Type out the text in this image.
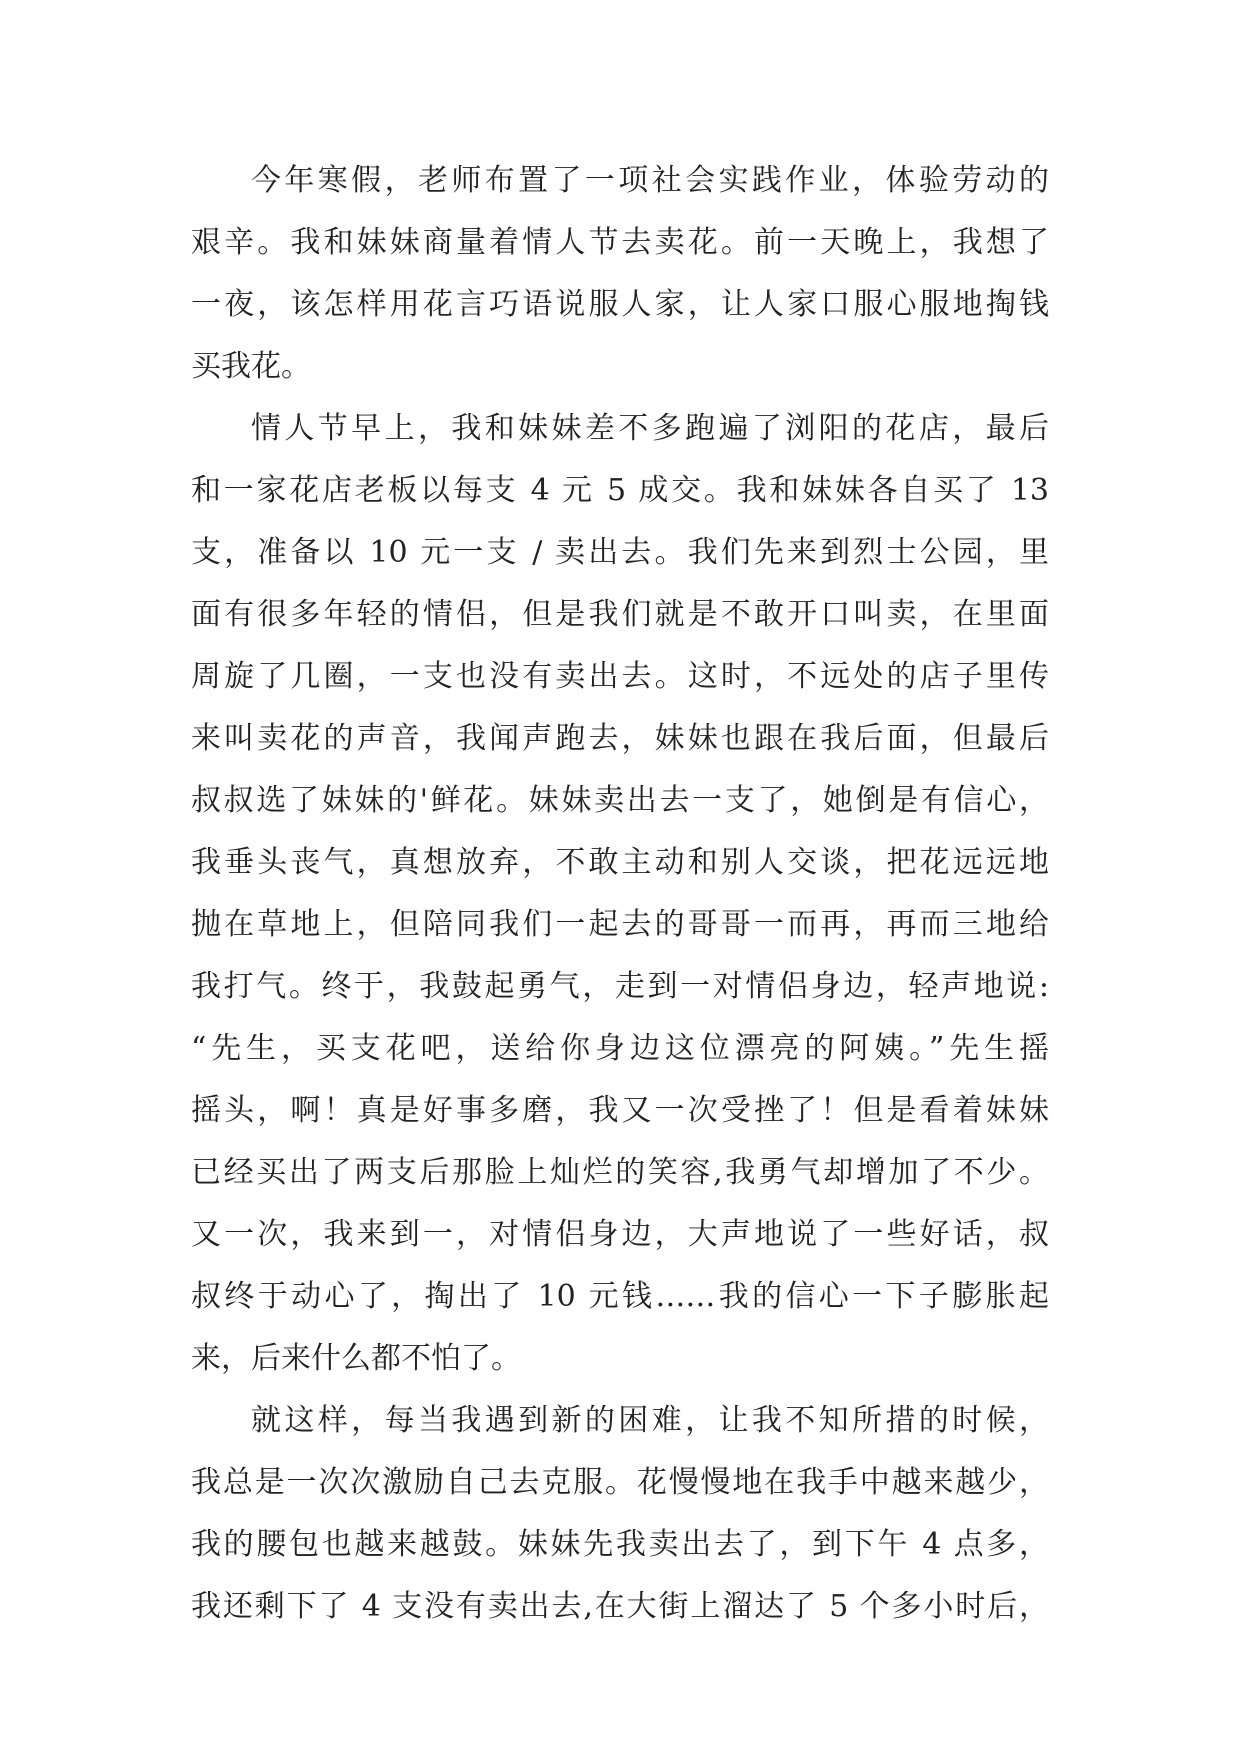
今年寒假，老师布置了一项社会实践作业，体验劳动的
艰辛。我和妹妹商量着情人节去卖花。前一天晚上，我想了
一夜，该怎样用花言巧语说服人家，让人家口服心服地掏钱
买我花。
情人节早上，我和妹妹差不多跑遍了浏阳的花店，最后
和一家花店老板以每支 4 元 5 成交。我和妹妹各自买了 13
支，准备以 10 元一支 / 卖出去。我们先来到烈士公园，里
面有很多年轻的情侣，但是我们就是不敢开口叫卖，在里面
周旋了几圈，一支也没有卖出去。这时，不远处的店子里传
来叫卖花的声音，我闻声跑去，妹妹也跟在我后面，但最后
叔叔选了妹妹的'鲜花。妹妹卖出去一支了，她倒是有信心，
我垂头丧气，真想放弃，不敢主动和别人交谈，把花远远地
抛在草地上，但陪同我们一起去的哥哥一而再，再而三地给
我打气。终于，我鼓起勇气，走到一对情侣身边，轻声地说:
“先生，买支花吧，送给你身边这位漂亮的阿姨。”先生摇
摇头，啊！真是好事多磨，我又一次受挫了！但是看着妹妹
已经买出了两支后那脸上灿烂的笑容,我勇气却增加了不少。
又一次，我来到一，对情侣身边，大声地说了一些好话，叔
叔终于动心了，掏出了 10 元钱……我的信心一下子膨胀起
来，后来什么都不怕了。
就这样，每当我遇到新的困难，让我不知所措的时候，
我总是一次次激励自己去克服。花慢慢地在我手中越来越少，
我的腰包也越来越鼓。妹妹先我卖出去了，到下午 4 点多，
我还剩下了 4 支没有卖出去,在大街上溜达了 5 个多小时后，
